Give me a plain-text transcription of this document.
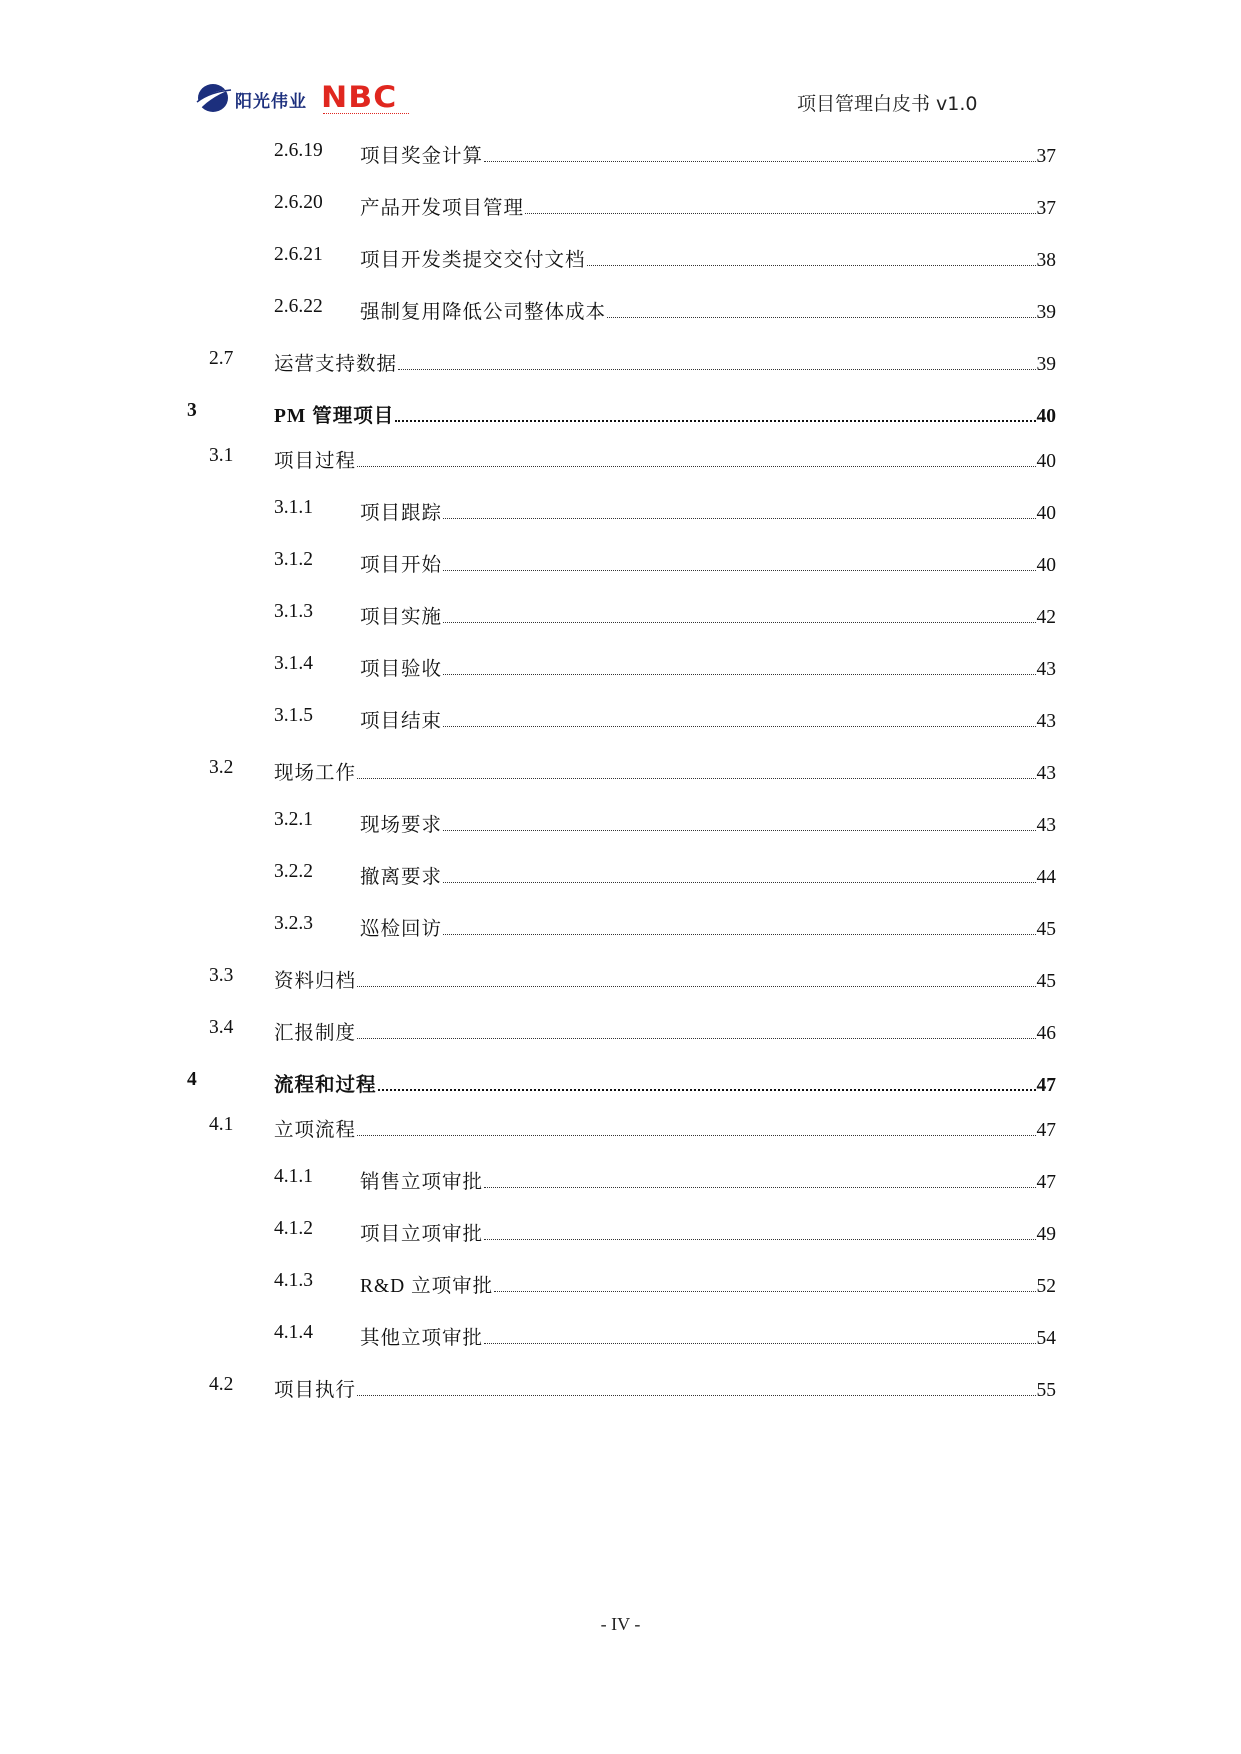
阳光伟业 NBC	项目管理白皮书 v1.0
2.6.19 项目奖金计算	37
2.6.20 产品开发项目管理	37
2.6.21 项目开发类提交交付文档	38
2.6.22 强制复用降低公司整体成本	39
2.7 运营支持数据	39
3	PM 管理项目	40
3.1 项目过程	40
3.1.1 项目跟踪	40
3.1.2 项目开始	40
3.1.3 项目实施	42
3.1.4 项目验收	43
3.1.5 项目结束	43
3.2 现场工作	43
3.2.1 现场要求	43
3.2.2 撤离要求	44
3.2.3 巡检回访	45
3.3 资料归档	45
3.4 汇报制度	46
4	流程和过程	47
4.1 立项流程	47
4.1.1 销售立项审批	47
4.1.2 项目立项审批	49
4.1.3 R&D 立项审批	52
4.1.4 其他立项审批	54
4.2 项目执行	55
- IV -
